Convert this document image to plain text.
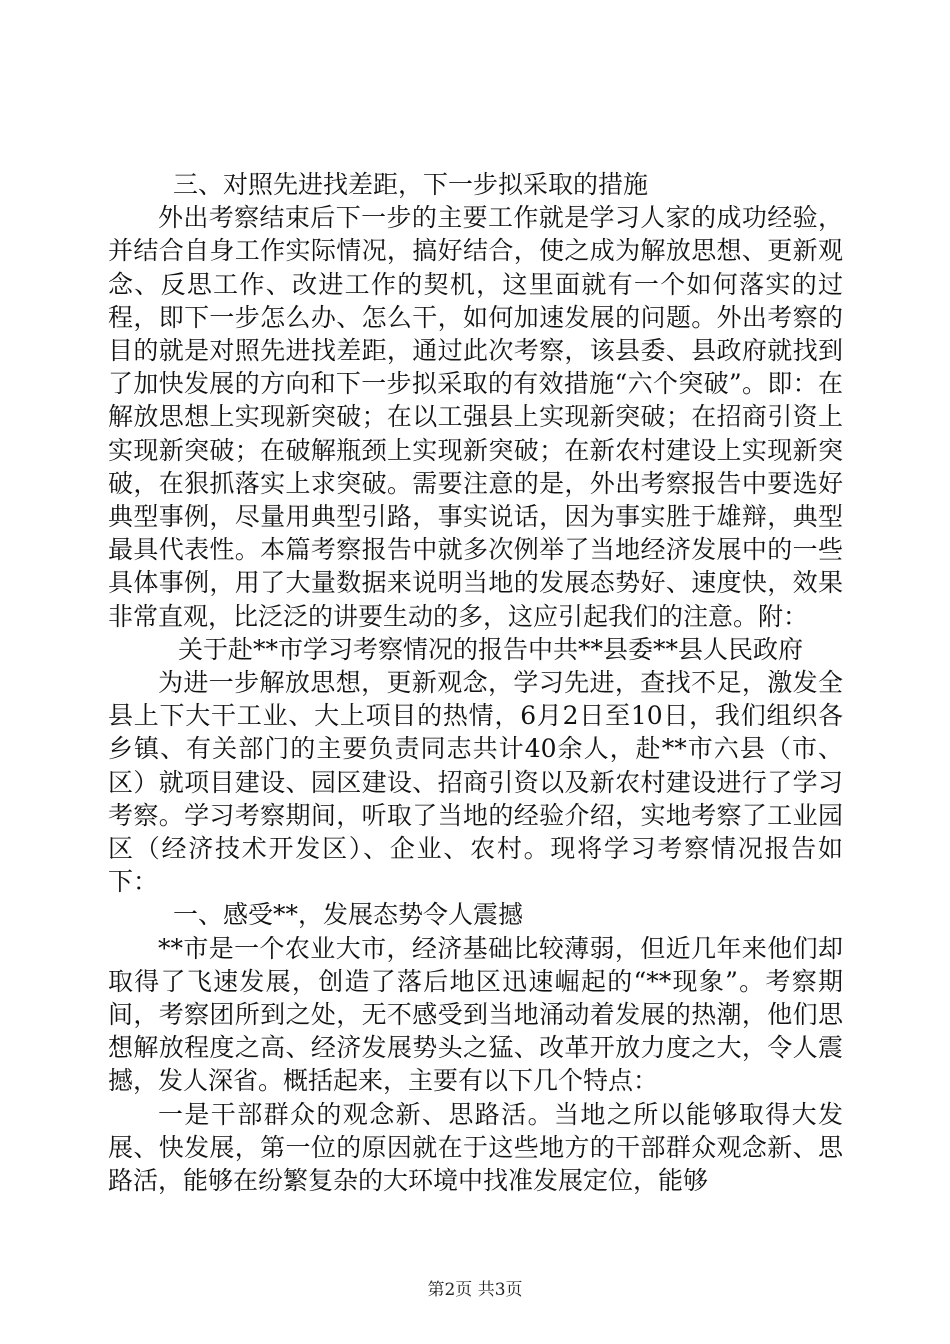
三、对照先进找差距，下一步拟采取的措施

外出考察结束后下一步的主要工作就是学习人家的成功经验，并结合自身工作实际情况，搞好结合，使之成为解放思想、更新观念、反思工作、改进工作的契机，这里面就有一个如何落实的过程，即下一步怎么办、怎么干，如何加速发展的问题。外出考察的目的就是对照先进找差距，通过此次考察，该县委、县政府就找到了加快发展的方向和下一步拟采取的有效措施“六个突破”。即：在解放思想上实现新突破；在以工强县上实现新突破；在招商引资上实现新突破；在破解瓶颈上实现新突破；在新农村建设上实现新突破，在狠抓落实上求突破。需要注意的是，外出考察报告中要选好典型事例，尽量用典型引路，事实说话，因为事实胜于雄辩，典型最具代表性。本篇考察报告中就多次例举了当地经济发展中的一些具体事例，用了大量数据来说明当地的发展态势好、速度快，效果非常直观，比泛泛的讲要生动的多，这应引起我们的注意。附：

关于赴**市学习考察情况的报告中共**县委**县人民政府

为进一步解放思想，更新观念，学习先进，查找不足，激发全县上下大干工业、大上项目的热情，6月2日至10日，我们组织各乡镇、有关部门的主要负责同志共计40余人，赴**市六县（市、区）就项目建设、园区建设、招商引资以及新农村建设进行了学习考察。学习考察期间，听取了当地的经验介绍，实地考察了工业园区（经济技术开发区）、企业、农村。现将学习考察情况报告如下：

一、感受**，发展态势令人震撼

**市是一个农业大市，经济基础比较薄弱，但近几年来他们却取得了飞速发展，创造了落后地区迅速崛起的“**现象”。考察期间，考察团所到之处，无不感受到当地涌动着发展的热潮，他们思想解放程度之高、经济发展势头之猛、改革开放力度之大，令人震撼，发人深省。概括起来，主要有以下几个特点：

一是干部群众的观念新、思路活。当地之所以能够取得大发展、快发展，第一位的原因就在于这些地方的干部群众观念新、思路活，能够在纷繁复杂的大环境中找准发展定位，能够

第2页 共3页
